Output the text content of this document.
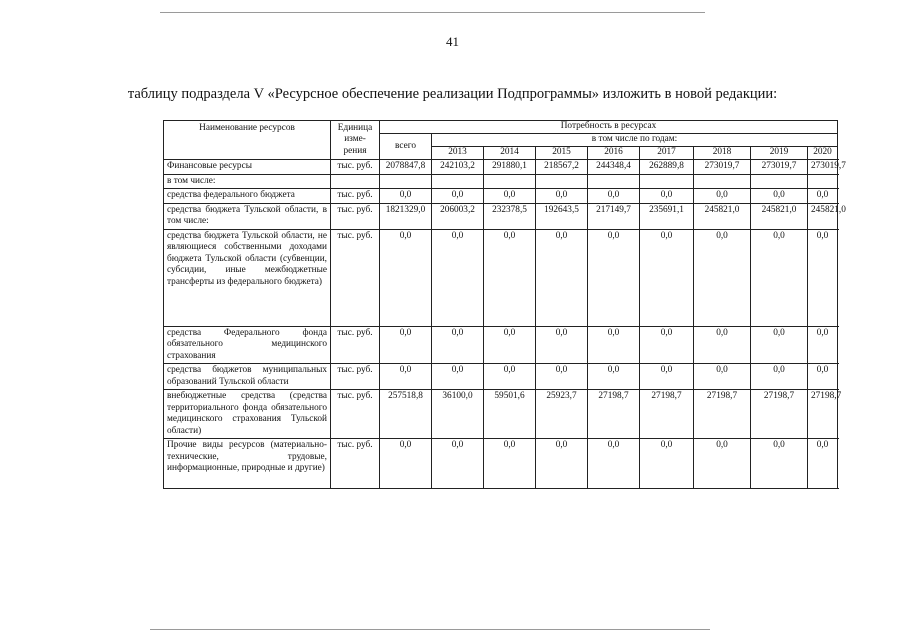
41
таблицу подраздела V «Ресурсное обеспечение реализации Подпрограммы» изложить в новой редакции:
Наименование ресурсов	Единица изме-рения	Потребность в ресурсах								
		всего	в том числе по годам:							
			2013	2014	2015	2016	2017	2018	2019	2020
Финансовые ресурсы	тыс. руб.	2078847,8	242103,2	291880,1	218567,2	244348,4	262889,8	273019,7	273019,7	273019,7
в том числе:										
средства федерального бюджета	тыс. руб.	0,0	0,0	0,0	0,0	0,0	0,0	0,0	0,0	0,0
средства бюджета Тульской области, в том числе:	тыс. руб.	1821329,0	206003,2	232378,5	192643,5	217149,7	235691,1	245821,0	245821,0	245821,0
средства бюджета Тульской области, не являющиеся собственными доходами бюджета Тульской области (субвенции, субсидии, иные межбюджетные трансферты из федерального бюджета)	тыс. руб.	0,0	0,0	0,0	0,0	0,0	0,0	0,0	0,0	0,0
средства Федерального фонда обязательного медицинского страхования	тыс. руб.	0,0	0,0	0,0	0,0	0,0	0,0	0,0	0,0	0,0
средства бюджетов муниципальных образований Тульской области	тыс. руб.	0,0	0,0	0,0	0,0	0,0	0,0	0,0	0,0	0,0
внебюджетные средства (средства территориального фонда обязательного медицинского страхования Тульской области)	тыс. руб.	257518,8	36100,0	59501,6	25923,7	27198,7	27198,7	27198,7	27198,7	27198,7
Прочие виды ресурсов (материально-технические, трудовые, информационные, природные и другие)	тыс. руб.	0,0	0,0	0,0	0,0	0,0	0,0	0,0	0,0	0,0
